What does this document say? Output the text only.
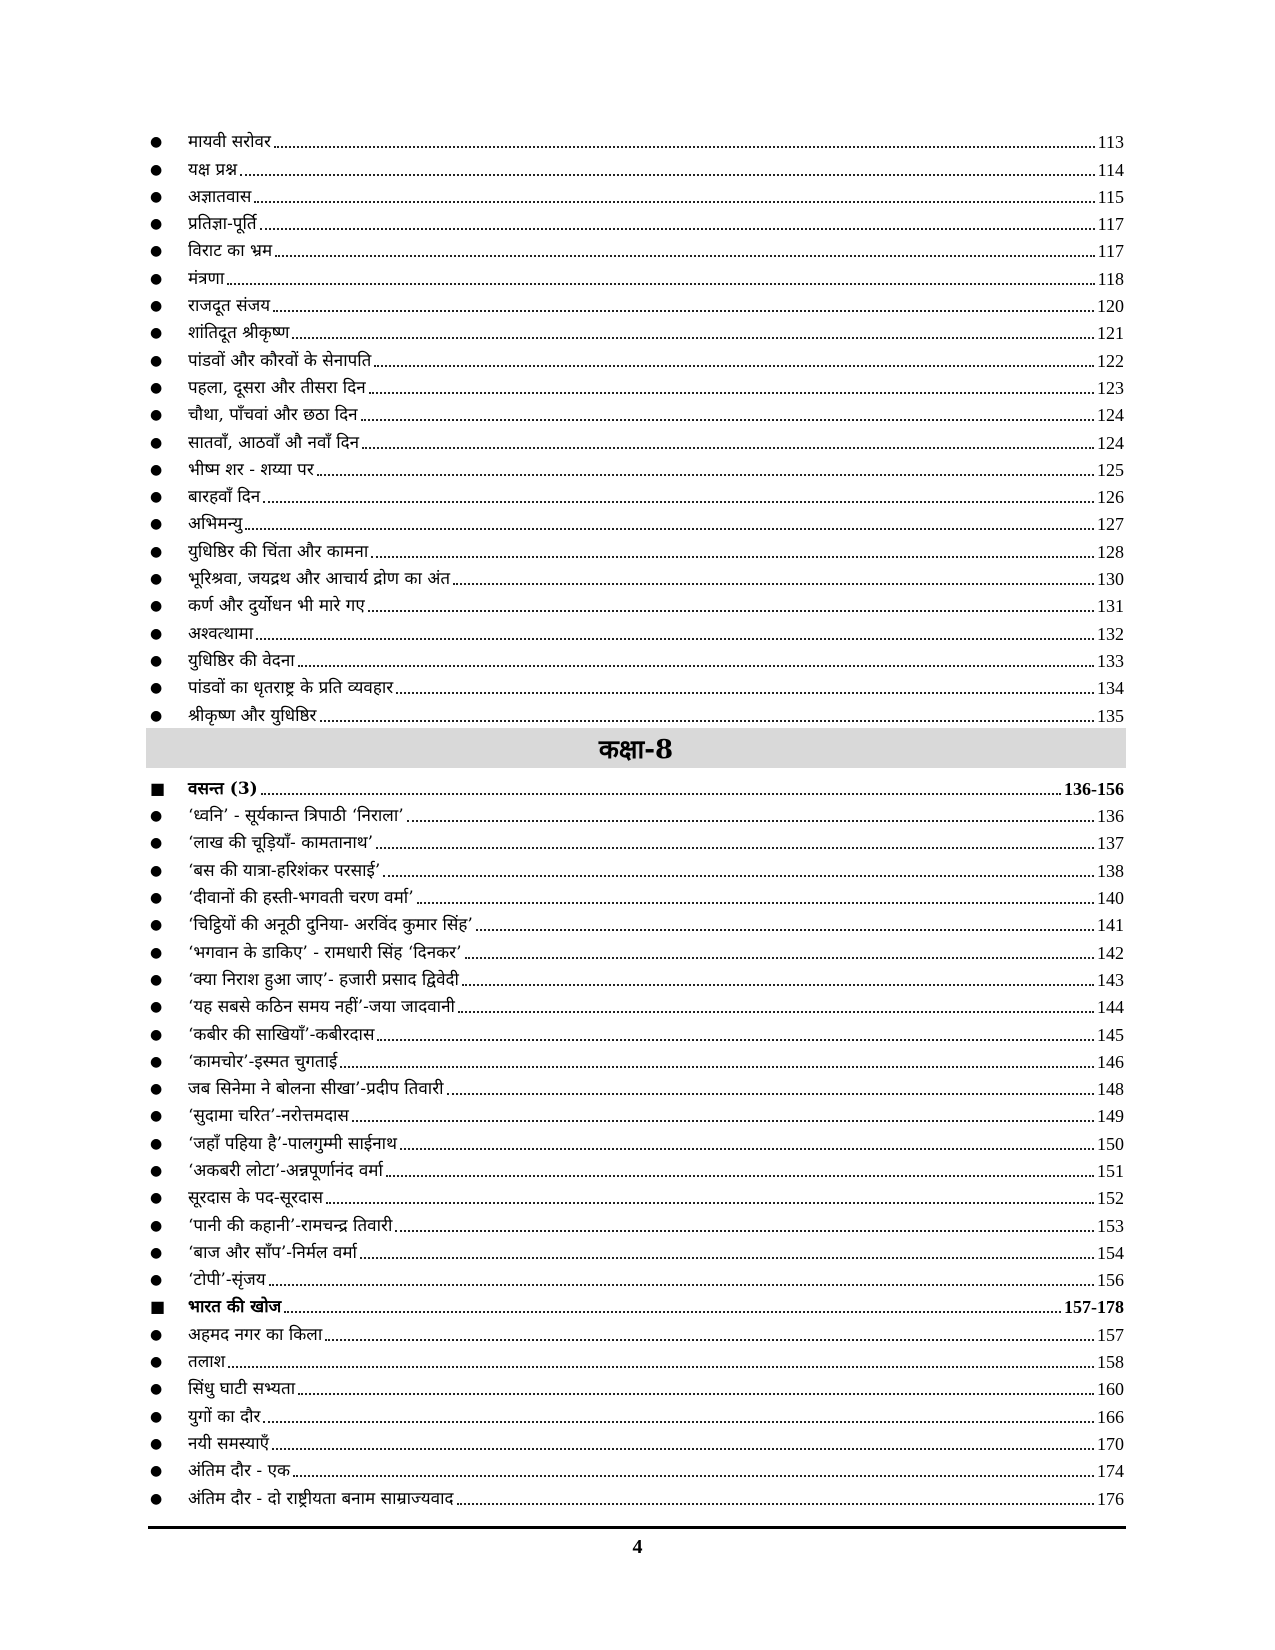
●	मायवी सरोवर	113
●	यक्ष प्रश्न	114
●	अज्ञातवास	115
●	प्रतिज्ञा-पूर्ति	117
●	विराट का भ्रम	117
●	मंत्रणा	118
●	राजदूत संजय	120
●	शांतिदूत श्रीकृष्ण	121
●	पांडवों और कौरवों के सेनापति	122
●	पहला, दूसरा और तीसरा दिन	123
●	चौथा, पाँचवां और छठा दिन	124
●	सातवाँ, आठवाँ औ नवाँ दिन	124
●	भीष्म शर - शय्या पर	125
●	बारहवाँ दिन	126
●	अभिमन्यु	127
●	युधिष्ठिर की चिंता और कामना	128
●	भूरिश्रवा, जयद्रथ और आचार्य द्रोण का अंत	130
●	कर्ण और दुर्योधन भी मारे गए	131
●	अश्वत्थामा	132
●	युधिष्ठिर की वेदना	133
●	पांडवों का धृतराष्ट्र के प्रति व्यवहार	134
●	श्रीकृष्ण और युधिष्ठिर	135
कक्षा-8
■	वसन्त (3)	136-156
●	‘ध्वनि’ - सूर्यकान्त त्रिपाठी ‘निराला’	136
●	‘लाख की चूड़ियाँ- कामतानाथ’	137
●	‘बस की यात्रा-हरिशंकर परसाई’	138
●	‘दीवानों की हस्ती-भगवती चरण वर्मा’	140
●	‘चिट्ठियों की अनूठी दुनिया- अरविंद कुमार सिंह’	141
●	‘भगवान के डाकिए’ - रामधारी सिंह ‘दिनकर’	142
●	‘क्या निराश हुआ जाए’- हजारी प्रसाद द्विवेदी	143
●	‘यह सबसे कठिन समय नहीं’-जया जादवानी	144
●	‘कबीर की साखियाँ’-कबीरदास	145
●	‘कामचोर’-इस्मत चुगताई	146
●	जब सिनेमा ने बोलना सीखा’-प्रदीप तिवारी	148
●	‘सुदामा चरित’-नरोत्तमदास	149
●	‘जहाँ पहिया है’-पालगुम्मी साईनाथ	150
●	‘अकबरी लोटा’-अन्नपूर्णानंद वर्मा	151
●	सूरदास के पद-सूरदास	152
●	‘पानी की कहानी’-रामचन्द्र तिवारी	153
●	‘बाज और साँप’-निर्मल वर्मा	154
●	‘टोपी’-सृंजय	156
■	भारत की खोज	157-178
●	अहमद नगर का किला	157
●	तलाश	158
●	सिंधु घाटी सभ्यता	160
●	युगों का दौर	166
●	नयी समस्याएँ	170
●	अंतिम दौर - एक	174
●	अंतिम दौर - दो राष्ट्रीयता बनाम साम्राज्यवाद	176
4
